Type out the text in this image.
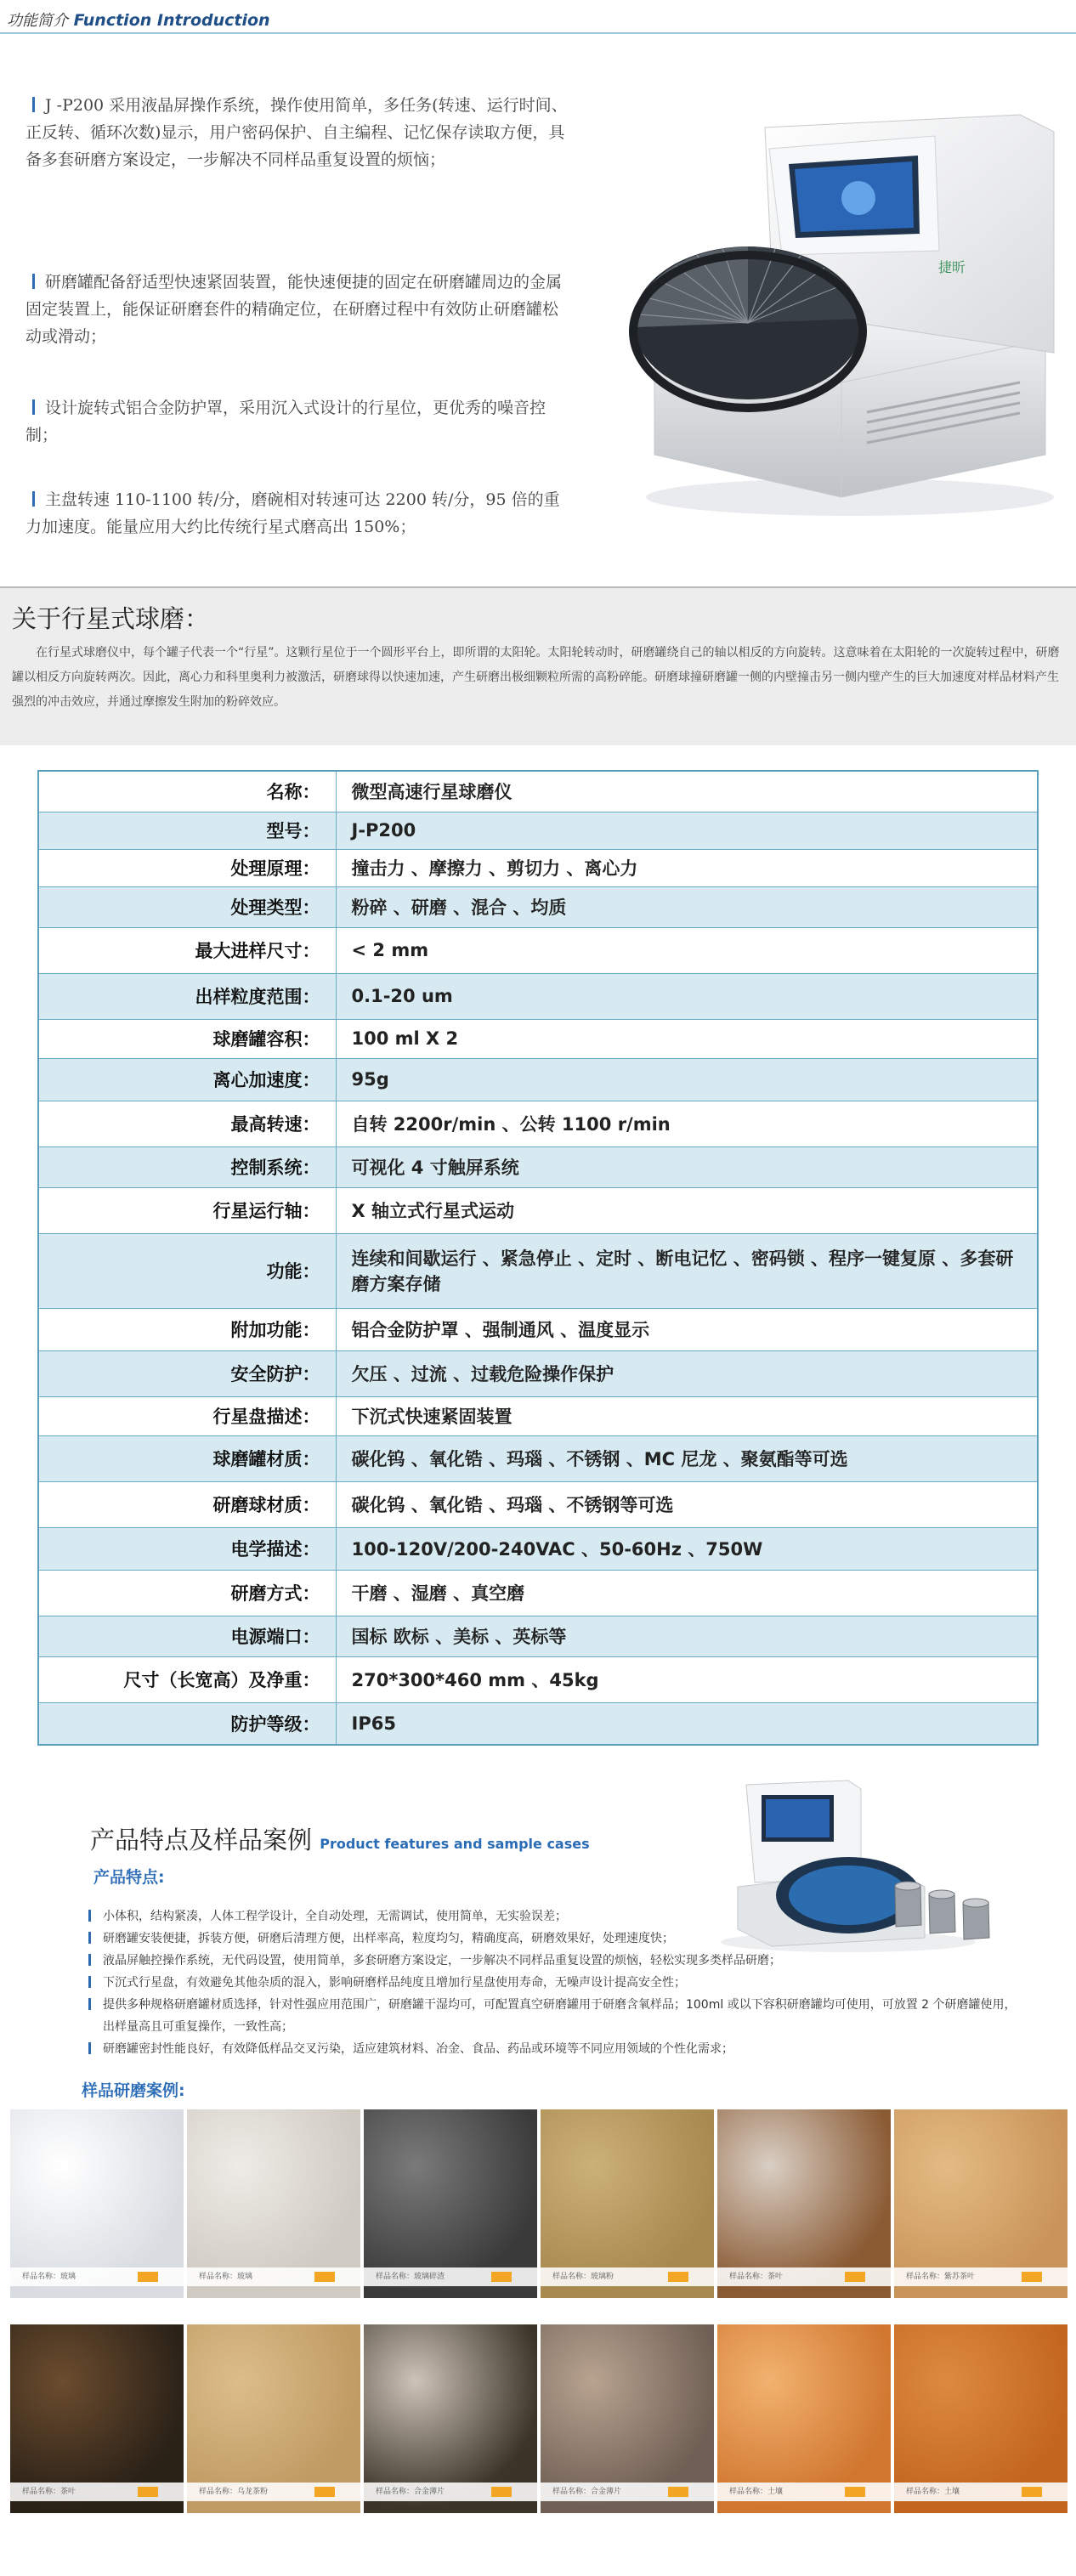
功能简介 Function Introduction
J -P200 采用液晶屏操作系统，操作使用简单，多任务(转速、运行时间、正反转、循环次数)显示，用户密码保护、自主编程、记忆保存读取方便，具备多套研磨方案设定，一步解决不同样品重复设置的烦恼；
研磨罐配备舒适型快速紧固装置，能快速便捷的固定在研磨罐周边的金属固定装置上，能保证研磨套件的精确定位，在研磨过程中有效防止研磨罐松动或滑动；
设计旋转式铝合金防护罩，采用沉入式设计的行星位，更优秀的噪音控制；
主盘转速 110-1100 转/分，磨碗相对转速可达 2200 转/分，95 倍的重力加速度。能量应用大约比传统行星式磨高出 150%；
捷昕
关于行星式球磨：
在行星式球磨仪中，每个罐子代表一个“行星”。这颗行星位于一个圆形平台上，即所谓的太阳轮。太阳轮转动时，研磨罐绕自己的轴以相反的方向旋转。这意味着在太阳轮的一次旋转过程中，研磨罐以相反方向旋转两次。因此，离心力和科里奥利力被激活，研磨球得以快速加速，产生研磨出极细颗粒所需的高粉碎能。研磨球撞研磨罐一侧的内壁撞击另一侧内壁产生的巨大加速度对样品材料产生强烈的冲击效应，并通过摩擦发生附加的粉碎效应。
名称：	微型高速行星球磨仪
型号：	J-P200
处理原理：	撞击力 、摩擦力 、剪切力 、离心力
处理类型：	粉碎 、研磨 、混合 、均质
最大进样尺寸：	< 2 mm
出样粒度范围：	0.1-20 um
球磨罐容积：	100 ml X 2
离心加速度：	95g
最高转速：	自转 2200r/min 、公转 1100 r/min
控制系统：	可视化 4 寸触屏系统
行星运行轴：	X 轴立式行星式运动
功能：	连续和间歇运行 、紧急停止 、定时 、断电记忆 、密码锁 、程序一键复原 、多套研磨方案存储
附加功能：	铝合金防护罩 、强制通风 、温度显示
安全防护：	欠压 、过流 、过载危险操作保护
行星盘描述：	下沉式快速紧固装置
球磨罐材质：	碳化钨 、氧化锆 、玛瑙 、不锈钢 、MC 尼龙 、聚氨酯等可选
研磨球材质：	碳化钨 、氧化锆 、玛瑙 、不锈钢等可选
电学描述：	100-120V/200-240VAC 、50-60Hz 、750W
研磨方式：	干磨 、湿磨 、真空磨
电源端口：	国标 欧标 、美标 、英标等
尺寸（长宽高）及净重：	270*300*460 mm 、45kg
防护等级：	IP65
产品特点及样品案例 Product features and sample cases
产品特点:
小体积，结构紧凑，人体工程学设计，全自动处理，无需调试，使用简单，无实验误差；
研磨罐安装便捷，拆装方便，研磨后清理方便，出样率高，粒度均匀，精确度高，研磨效果好，处理速度快；
液晶屏触控操作系统，无代码设置，使用简单，多套研磨方案设定，一步解决不同样品重复设置的烦恼，轻松实现多类样品研磨；
下沉式行星盘，有效避免其他杂质的混入，影响研磨样品纯度且增加行星盘使用寿命，无噪声设计提高安全性；
提供多种规格研磨罐材质选择，针对性强应用范围广，研磨罐干湿均可，可配置真空研磨罐用于研磨含氧样品；100ml 或以下容积研磨罐均可使用，可放置 2 个研磨罐使用，出样量高且可重复操作，一致性高；
研磨罐密封性能良好，有效降低样品交叉污染，适应建筑材料、冶金、食品、药品或环境等不同应用领域的个性化需求；
样品研磨案例:
样品名称：玻璃	样品名称：玻璃	样品名称：玻璃碎渣	样品名称：玻璃粉	样品名称：茶叶	样品名称：紫苏茶叶
样品名称：茶叶	样品名称：乌龙茶粉	样品名称：合金薄片	样品名称：合金薄片	样品名称：土壤	样品名称：土壤
